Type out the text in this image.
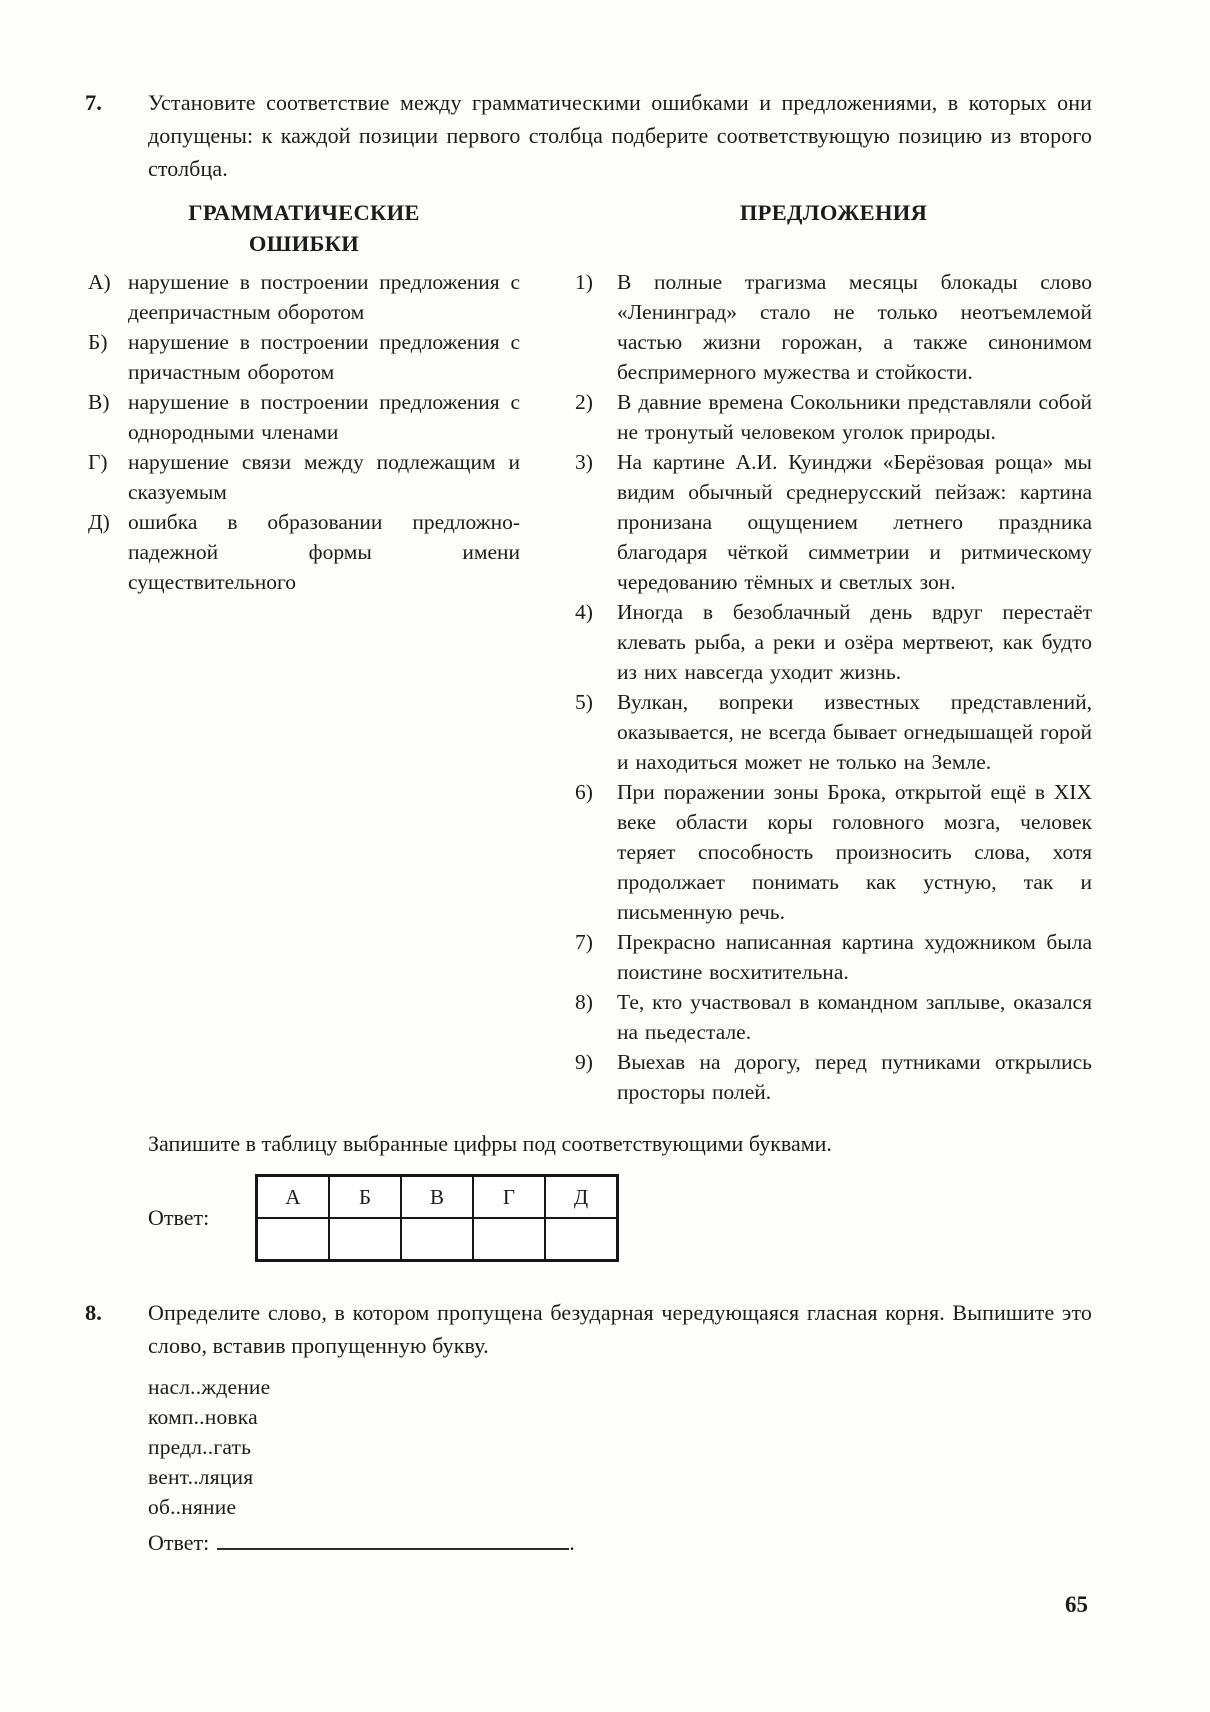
7.	Установите соответствие между грамматическими ошибками и предложениями, в которых они допущены: к каждой позиции первого столбца подберите соответствующую позицию из второго столбца.
ГРАММАТИЧЕСКИЕ
ОШИБКИ
А) нарушение в построении предложения с деепричастным оборотом
Б) нарушение в построении предложения с причастным оборотом
В) нарушение в построении предложения с однородными членами
Г) нарушение связи между подлежащим и сказуемым
Д) ошибка в образовании предложно-падежной формы имени существительного
ПРЕДЛОЖЕНИЯ
1)	В полные трагизма месяцы блокады слово «Ленинград» стало не только неотъемлемой частью жизни горожан, а также синонимом беспримерного мужества и стойкости.
2)	В давние времена Сокольники представляли собой не тронутый человеком уголок природы.
3)	На картине А.И. Куинджи «Берёзовая роща» мы видим обычный среднерусский пейзаж: картина пронизана ощущением летнего праздника благодаря чёткой симметрии и ритмическому чередованию тёмных и светлых зон.
4)	Иногда в безоблачный день вдруг перестаёт клевать рыба, а реки и озёра мертвеют, как будто из них навсегда уходит жизнь.
5)	Вулкан, вопреки известных представлений, оказывается, не всегда бывает огнедышащей горой и находиться может не только на Земле.
6)	При поражении зоны Брока, открытой ещё в XIX веке области коры головного мозга, человек теряет способность произносить слова, хотя продолжает понимать как устную, так и письменную речь.
7)	Прекрасно написанная картина художником была поистине восхитительна.
8)	Те, кто участвовал в командном заплыве, оказался на пьедестале.
9)	Выехав на дорогу, перед путниками открылись просторы полей.
Запишите в таблицу выбранные цифры под соответствующими буквами.
Ответ:
А	Б	В	Г	Д

8.	Определите слово, в котором пропущена безударная чередующаяся гласная корня. Выпишите это слово, вставив пропущенную букву.
насл..ждение
комп..новка
предл..гать
вент..ляция
об..няние
Ответ:	.
65
